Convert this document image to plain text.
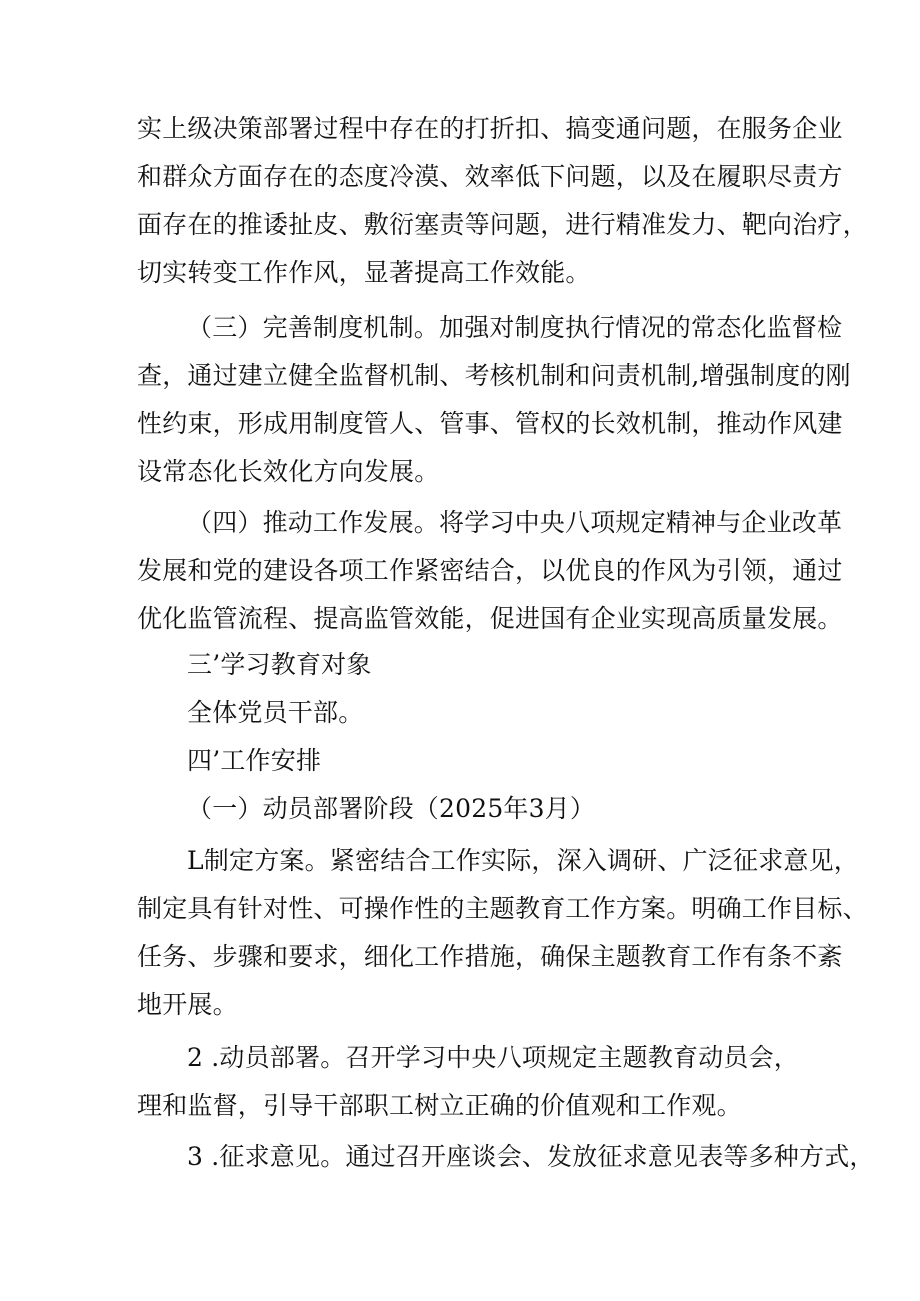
实上级决策部署过程中存在的打折扣、搞变通问题，在服务企业
和群众方面存在的态度冷漠、效率低下问题，以及在履职尽责方
面存在的推诿扯皮、敷衍塞责等问题，进行精准发力、靶向治疗，
切实转变工作作风，显著提高工作效能。
（三）完善制度机制。加强对制度执行情况的常态化监督检
查，通过建立健全监督机制、考核机制和问责机制,增强制度的刚
性约束，形成用制度管人、管事、管权的长效机制，推动作风建
设常态化长效化方向发展。
（四）推动工作发展。将学习中央八项规定精神与企业改革
发展和党的建设各项工作紧密结合，以优良的作风为引领，通过
优化监管流程、提高监管效能，促进国有企业实现高质量发展。
三’学习教育对象
全体党员干部。
四’工作安排
（一）动员部署阶段（2025年3月）
L制定方案。紧密结合工作实际，深入调研、广泛征求意见，
制定具有针对性、可操作性的主题教育工作方案。明确工作目标、
任务、步骤和要求，细化工作措施，确保主题教育工作有条不紊
地开展。
2 .动员部署。召开学习中央八项规定主题教育动员会，
理和监督，引导干部职工树立正确的价值观和工作观。
3 .征求意见。通过召开座谈会、发放征求意见表等多种方式，
